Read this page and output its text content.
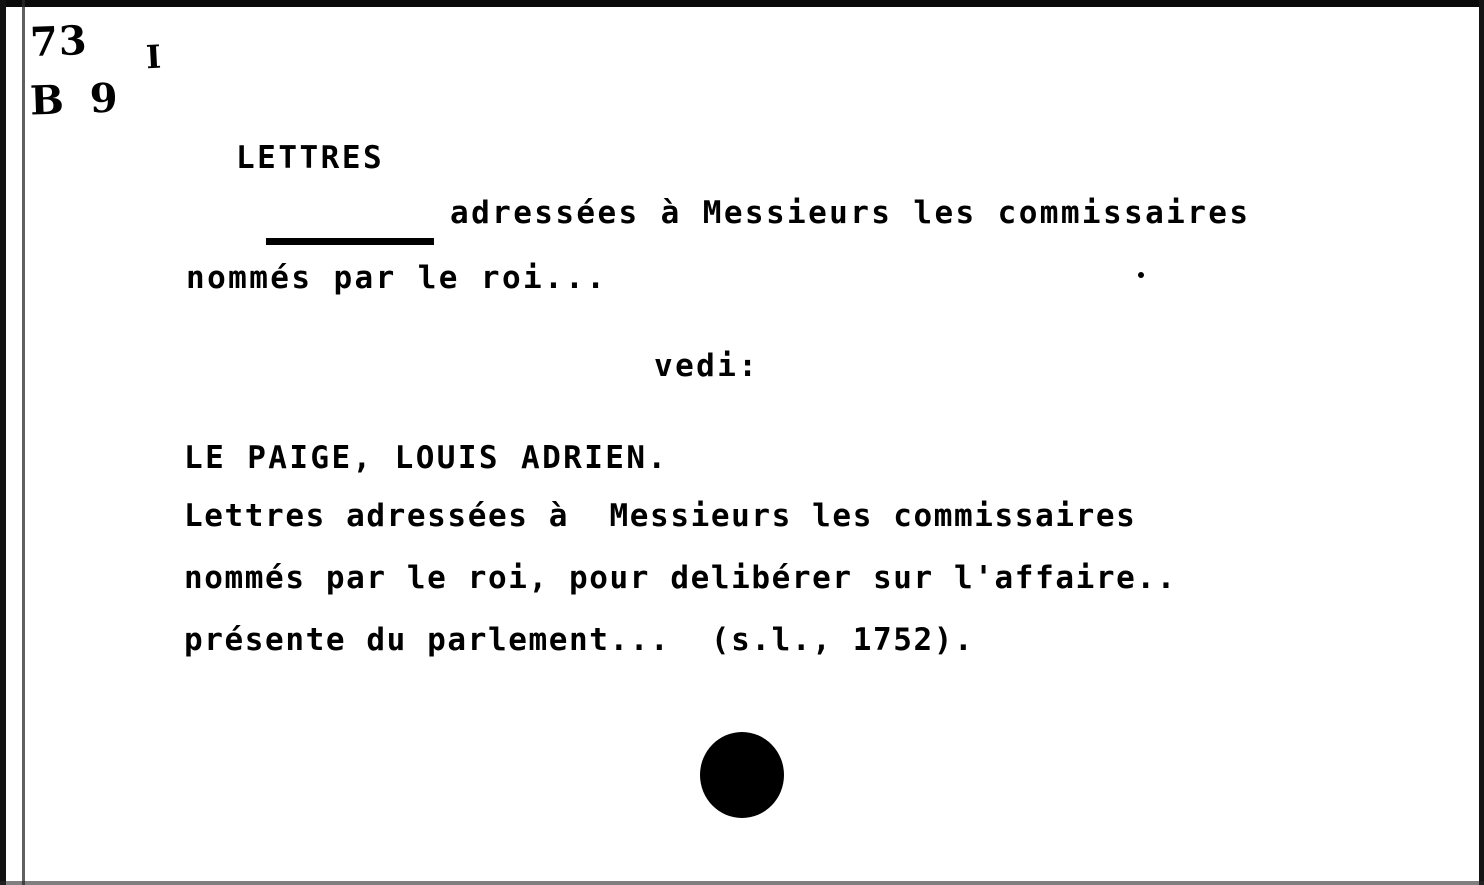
73
B 9
I
LETTRES
adressées à Messieurs les commissaires
nommés par le roi...
vedi:
LE PAIGE, LOUIS ADRIEN.
Lettres adressées à  Messieurs les commissaires
nommés par le roi, pour delibérer sur l'affaire..
présente du parlement...  (s.l., 1752).
